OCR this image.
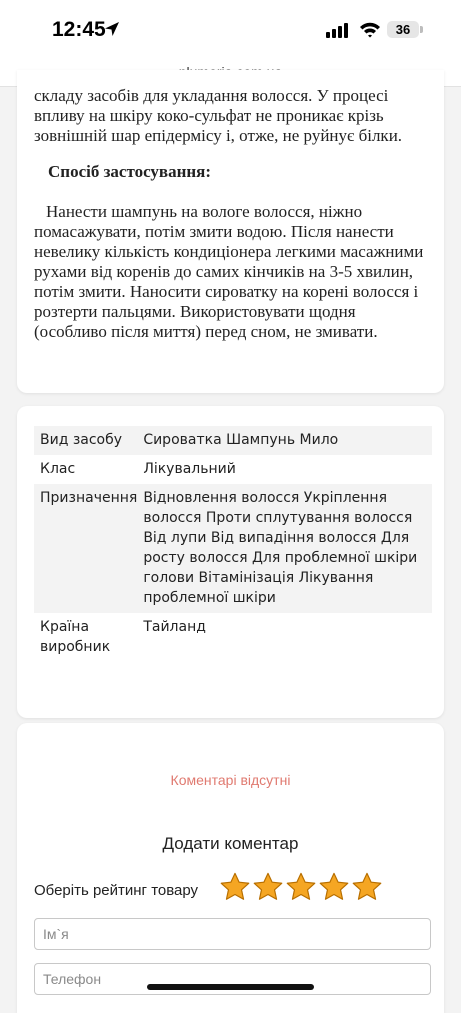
12:45	36
складу засобів для укладання волосся. У процесі впливу на шкіру коко-сульфат не проникає крізь зовнішній шар епідермісу і, отже, не руйнує білки.
Спосіб застосування:
Нанести шампунь на вологе волосся, ніжно помасажувати, потім змити водою. Після нанести невелику кількість кондиціонера легкими масажними рухами від коренів до самих кінчиків на 3-5 хвилин, потім змити. Наносити сироватку на корені волосся і розтерти пальцями. Використовувати щодня (особливо після миття) перед сном, не змивати.
Вид засобу	Сироватка Шампунь Мило
Клас	Лікувальний
Призначення	Відновлення волосся Укріплення волосся Проти сплутування волосся Від лупи Від випадіння волосся Для росту волосся Для проблемної шкіри голови Вітамінізація Лікування проблемної шкіри
Країна виробник	Тайланд
Коментарі відсутні
Додати коментар
Оберіть рейтинг товару
Ім`я
Телефон
